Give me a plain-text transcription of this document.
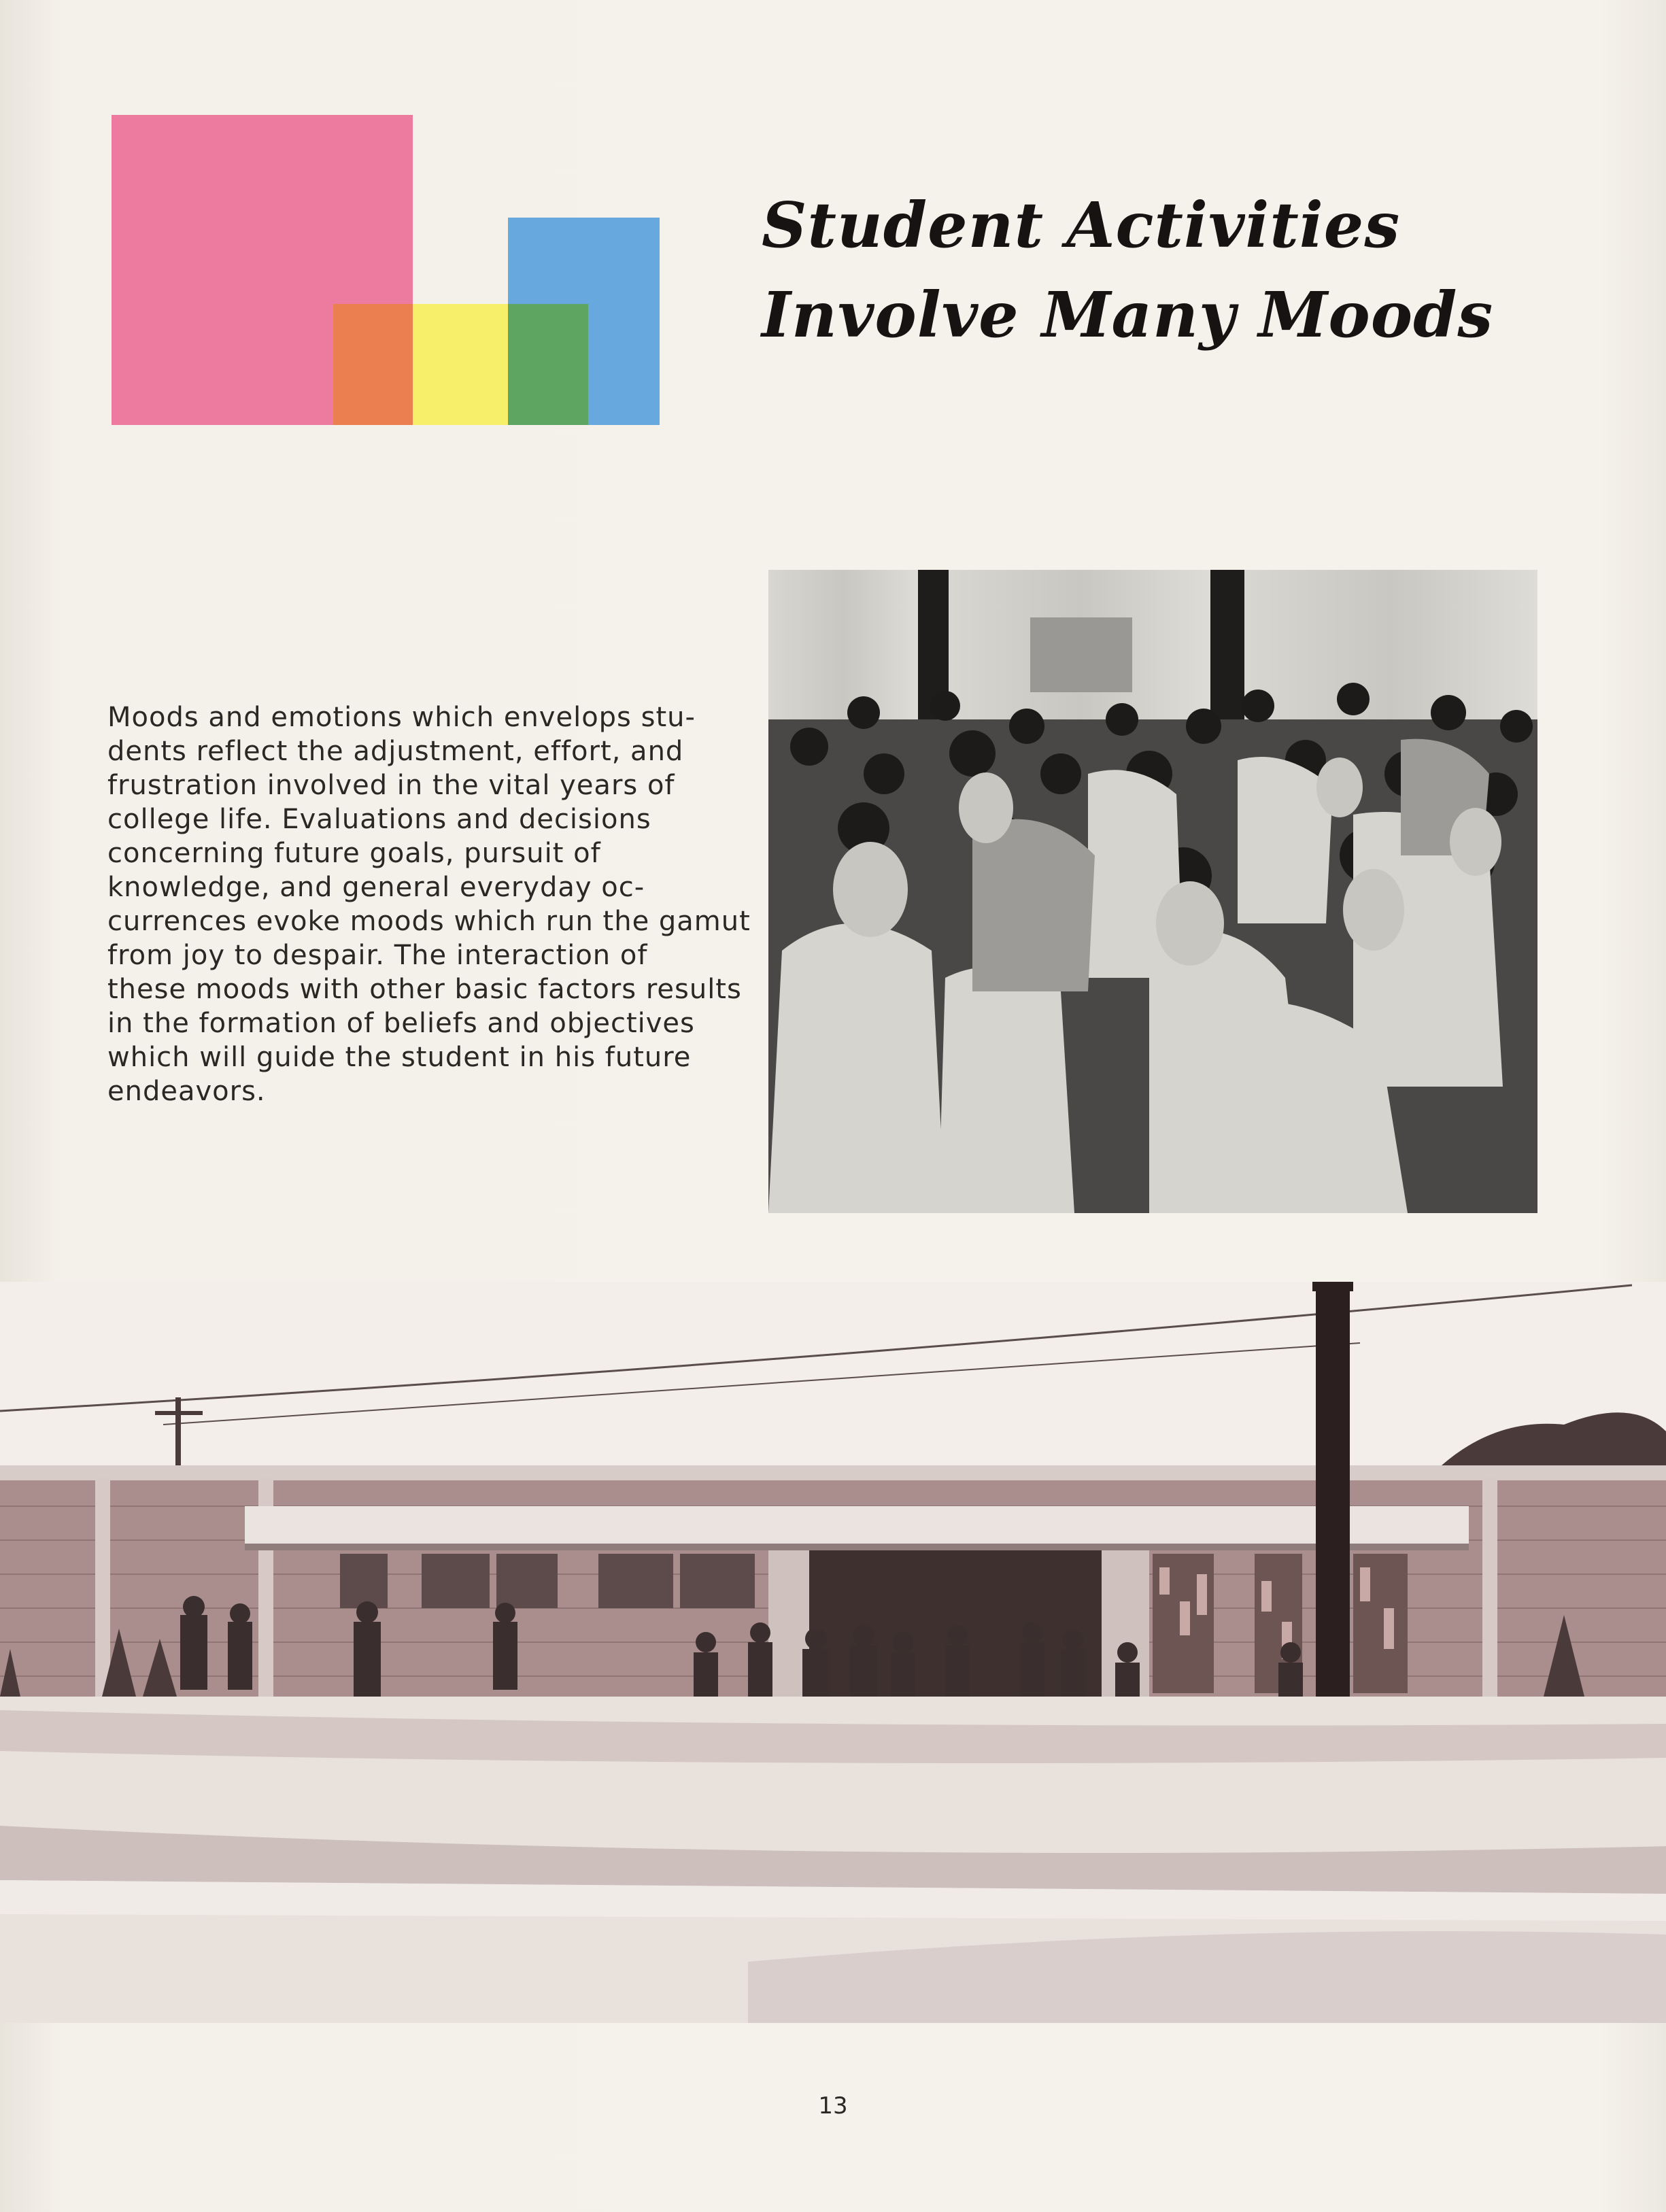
Student Activities
Involve Many Moods
Moods and emotions which envelops stu-
dents reflect the adjustment, effort, and
frustration involved in the vital years of
college life. Evaluations and decisions
concerning future goals, pursuit of
knowledge, and general everyday oc-
currences evoke moods which run the gamut
from joy to despair. The interaction of
these moods with other basic factors results
in the formation of beliefs and objectives
which will guide the student in his future
endeavors.
13
